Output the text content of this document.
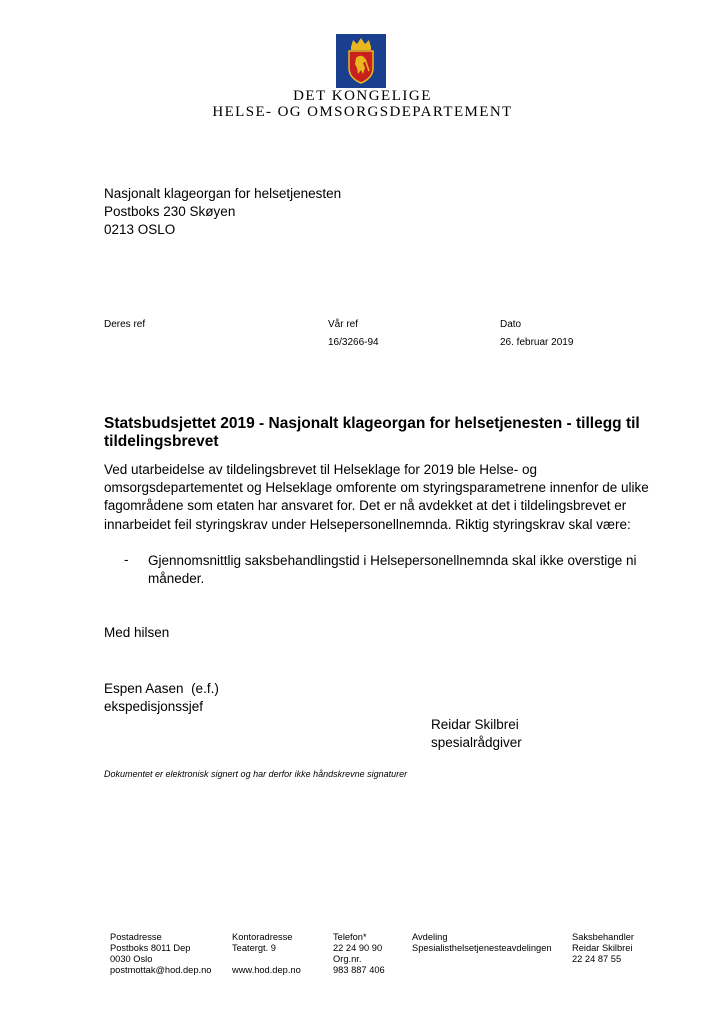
DET KONGELIGE
HELSE- OG OMSORGSDEPARTEMENT
Nasjonalt klageorgan for helsetjenesten
Postboks 230 Skøyen
0213 OSLO
Deres ref	Vår ref
16/3266-94
Dato
26. februar 2019
Statsbudsjettet 2019 - Nasjonalt klageorgan for helsetjenesten - tillegg til tildelingsbrevet
Ved utarbeidelse av tildelingsbrevet til Helseklage for 2019 ble Helse- og omsorgsdepartementet og Helseklage omforente om styringsparametrene innenfor de ulike fagområdene som etaten har ansvaret for. Det er nå avdekket at det i tildelingsbrevet er innarbeidet feil styringskrav under Helsepersonellnemnda. Riktig styringskrav skal være:
- Gjennomsnittlig saksbehandlingstid i Helsepersonellnemnda skal ikke overstige ni måneder.
Med hilsen
Espen Aasen  (e.f.)
ekspedisjonssjef
Reidar Skilbrei
spesialrådgiver
Dokumentet er elektronisk signert og har derfor ikke håndskrevne signaturer
Postadresse
Postboks 8011 Dep
0030 Oslo
postmottak@hod.dep.no
Kontoradresse
Teatergt. 9

www.hod.dep.no
Telefon*
22 24 90 90
Org.nr.
983 887 406
Avdeling
Spesialisthelsetjenesteavdelingen
Saksbehandler
Reidar Skilbrei
22 24 87 55
